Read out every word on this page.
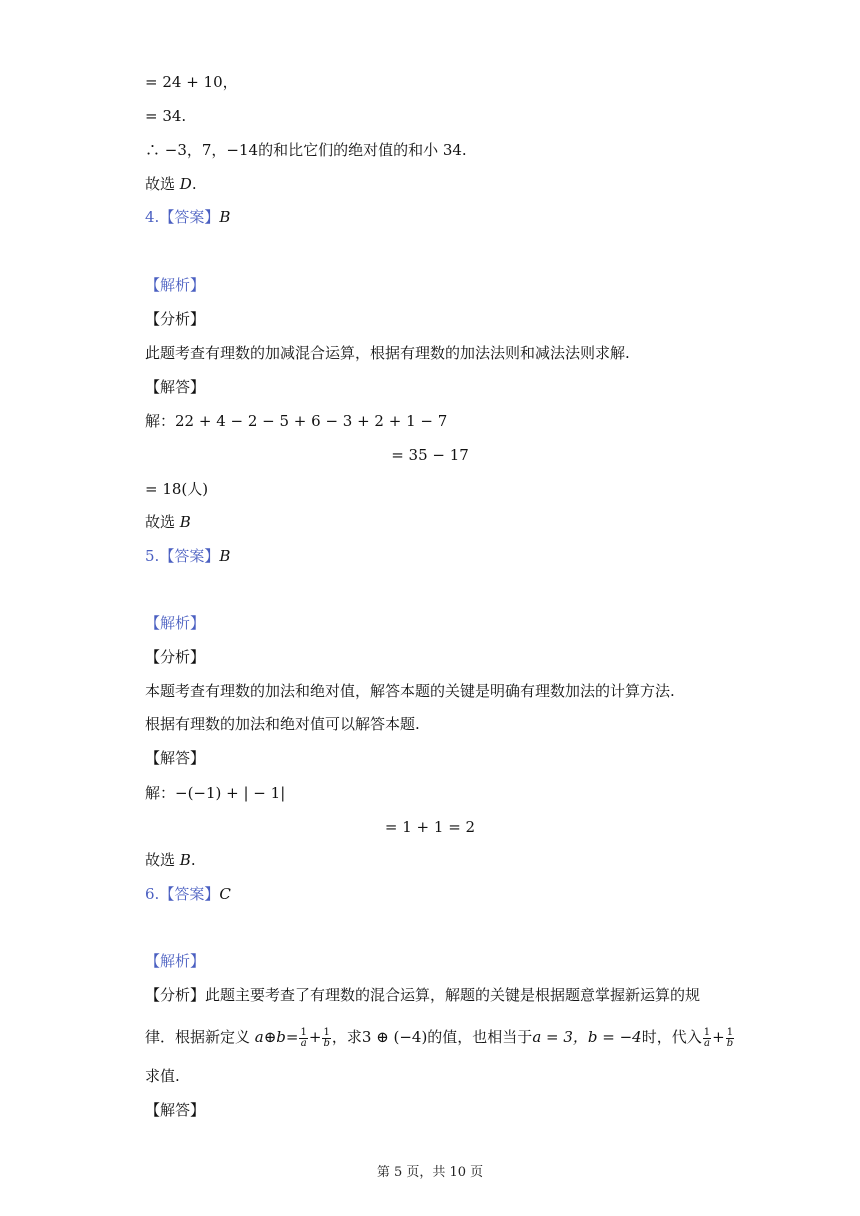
= 24 + 10，
= 34.
∴ −3，7，−14的和比它们的绝对值的和小 34.
故选 D.
4.【答案】B
【解析】
【分析】
此题考查有理数的加减混合运算，根据有理数的加法法则和减法法则求解.
【解答】
解：22 + 4 − 2 − 5 + 6 − 3 + 2 + 1 − 7
= 35 − 17
= 18(人)
故选 B
5.【答案】B
【解析】
【分析】
本题考查有理数的加法和绝对值，解答本题的关键是明确有理数加法的计算方法.
根据有理数的加法和绝对值可以解答本题.
【解答】
解：−(−1) + | − 1|
= 1 + 1 = 2
故选 B.
6.【答案】C
【解析】
【分析】此题主要考查了有理数的混合运算，解题的关键是根据题意掌握新运算的规
律．根据新定义 a⊕b= $\frac{1}{a} + \frac{1}{b}$ ，求3 ⊕ (−4)的值，也相当于a = 3，b = −4时，代入 $\frac{1}{a} + \frac{1}{b}$
求值.
【解答】
第 5 页，共 10 页
